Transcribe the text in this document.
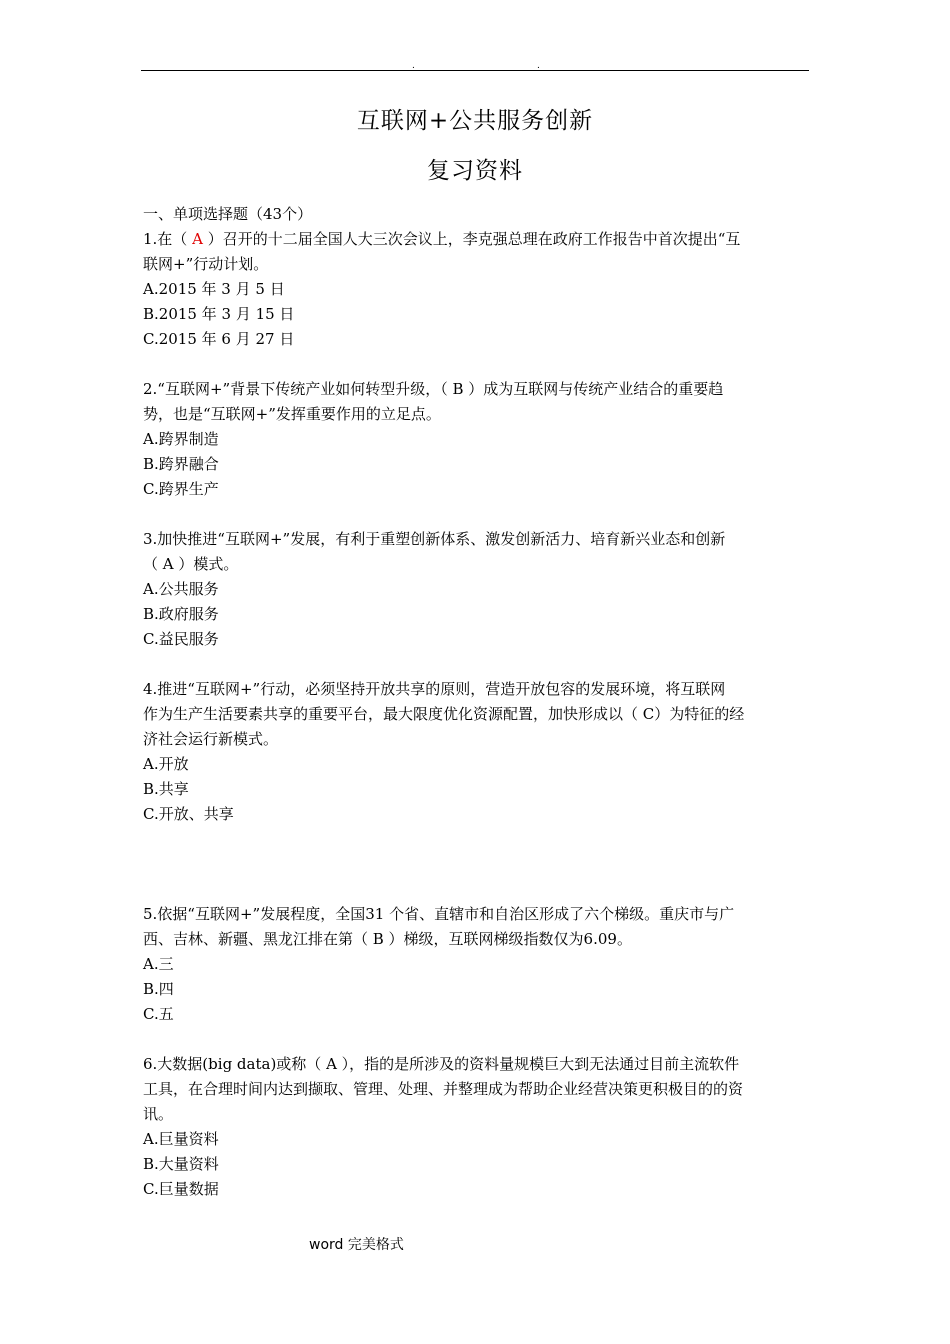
.	.
互联网+公共服务创新
复习资料

一、单项选择题（43个）

1.在（ A ）召开的十二届全国人大三次会议上，李克强总理在政府工作报告中首次提出“互

联网+”行动计划。

A.2015 年 3 月 5 日

B.2015 年 3 月 15 日

C.2015 年 6 月 27 日

2.“互联网+”背景下传统产业如何转型升级，（ B ）成为互联网与传统产业结合的重要趋

势，也是“互联网+”发挥重要作用的立足点。

A.跨界制造

B.跨界融合

C.跨界生产

3.加快推进“互联网+”发展，有利于重塑创新体系、激发创新活力、培育新兴业态和创新

（ A ）模式。

A.公共服务

B.政府服务

C.益民服务

4.推进“互联网+”行动，必须坚持开放共享的原则，营造开放包容的发展环境，将互联网

作为生产生活要素共享的重要平台，最大限度优化资源配置，加快形成以（ C）为特征的经

济社会运行新模式。

A.开放

B.共享

C.开放、共享

5.依据“互联网+”发展程度，全国31 个省、直辖市和自治区形成了六个梯级。重庆市与广

西、吉林、新疆、黑龙江排在第（ B ）梯级，互联网梯级指数仅为6.09。

A.三

B.四

C.五

6.大数据(big data)或称（ A ），指的是所涉及的资料量规模巨大到无法通过目前主流软件

工具，在合理时间内达到撷取、管理、处理、并整理成为帮助企业经营决策更积极目的的资

讯。

A.巨量资料

B.大量资料

C.巨量数据

word 完美格式
